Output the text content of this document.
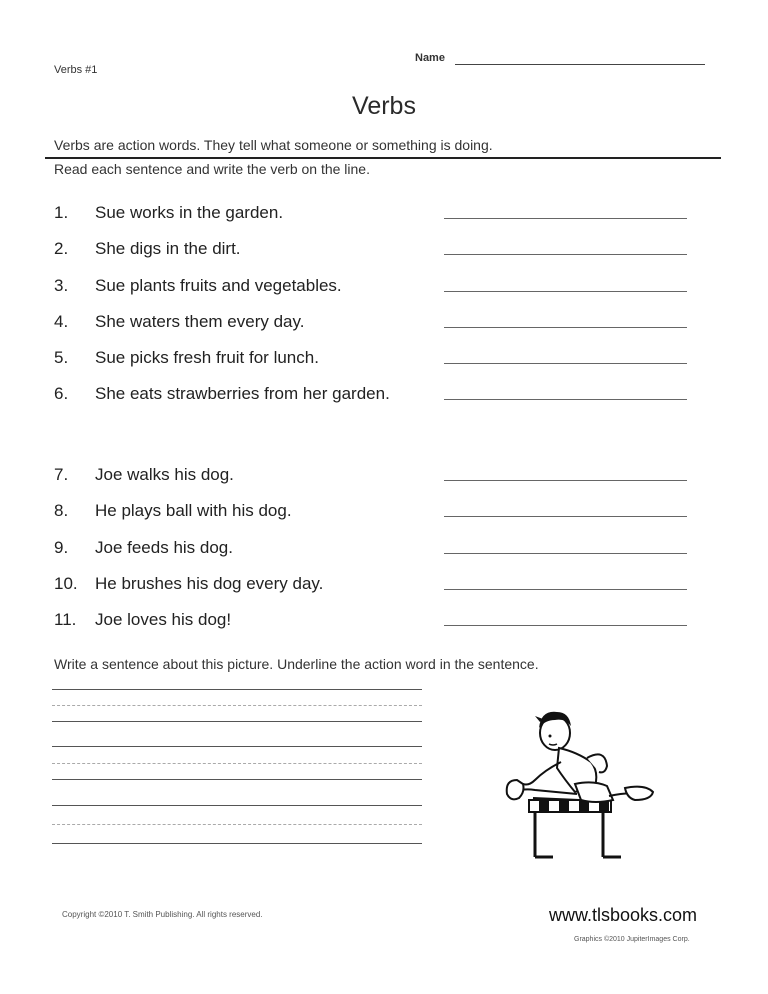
Name
Verbs #1
Verbs
Verbs are action words. They tell what someone or something is doing.
Read each sentence and write the verb on the line.
1. Sue works in the garden.
2. She digs in the dirt.
3. Sue plants fruits and vegetables.
4. She waters them every day.
5. Sue picks fresh fruit for lunch.
6. She eats strawberries from her garden.
7. Joe walks his dog.
8. He plays ball with his dog.
9. Joe feeds his dog.
10. He brushes his dog every day.
11. Joe loves his dog!
Write a sentence about this picture. Underline the action word in the sentence.
Copyright ©2010 T. Smith Publishing. All rights reserved.	www.tlsbooks.com
Graphics ©2010 JupiterImages Corp.
